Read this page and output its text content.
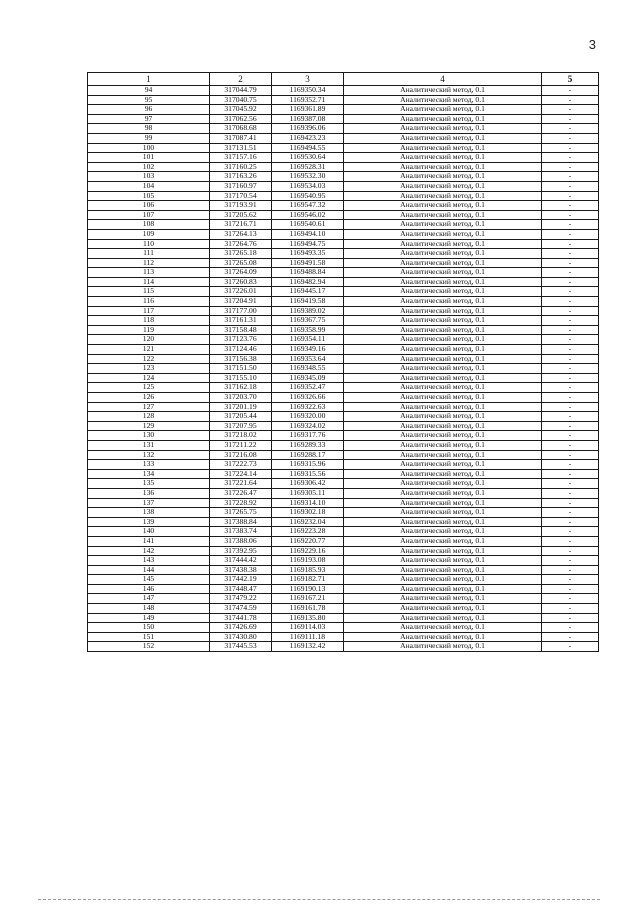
3
1	2	3	4	5
94	317044.79	1169350.34	Аналитический метод, 0.1	-
95	317040.75	1169352.71	Аналитический метод, 0.1	-
96	317045.92	1169361.89	Аналитический метод, 0.1	-
97	317062.56	1169387.08	Аналитический метод, 0.1	-
98	317068.68	1169396.06	Аналитический метод, 0.1	-
99	317087.41	1169423.23	Аналитический метод, 0.1	-
100	317131.51	1169494.55	Аналитический метод, 0.1	-
101	317157.16	1169530.64	Аналитический метод, 0.1	-
102	317160.25	1169528.31	Аналитический метод, 0.1	-
103	317163.26	1169532.30	Аналитический метод, 0.1	-
104	317160.97	1169534.03	Аналитический метод, 0.1	-
105	317170.54	1169540.95	Аналитический метод, 0.1	-
106	317193.91	1169547.32	Аналитический метод, 0.1	-
107	317205.62	1169546.02	Аналитический метод, 0.1	-
108	317216.71	1169540.61	Аналитический метод, 0.1	-
109	317264.13	1169494.10	Аналитический метод, 0.1	-
110	317264.76	1169494.75	Аналитический метод, 0.1	-
111	317265.18	1169493.35	Аналитический метод, 0.1	-
112	317265.08	1169491.58	Аналитический метод, 0.1	-
113	317264.09	1169488.84	Аналитический метод, 0.1	-
114	317260.83	1169482.94	Аналитический метод, 0.1	-
115	317226.01	1169445.17	Аналитический метод, 0.1	-
116	317204.91	1169419.58	Аналитический метод, 0.1	-
117	317177.00	1169389.02	Аналитический метод, 0.1	-
118	317161.31	1169367.75	Аналитический метод, 0.1	-
119	317158.48	1169358.99	Аналитический метод, 0.1	-
120	317123.76	1169354.11	Аналитический метод, 0.1	-
121	317124.46	1169349.16	Аналитический метод, 0.1	-
122	317156.38	1169353.64	Аналитический метод, 0.1	-
123	317151.50	1169348.55	Аналитический метод, 0.1	-
124	317155.10	1169345.09	Аналитический метод, 0.1	-
125	317162.18	1169352.47	Аналитический метод, 0.1	-
126	317203.70	1169326.66	Аналитический метод, 0.1	-
127	317201.19	1169322.63	Аналитический метод, 0.1	-
128	317205.44	1169320.00	Аналитический метод, 0.1	-
129	317207.95	1169324.02	Аналитический метод, 0.1	-
130	317218.02	1169317.76	Аналитический метод, 0.1	-
131	317211.22	1169289.33	Аналитический метод, 0.1	-
132	317216.08	1169288.17	Аналитический метод, 0.1	-
133	317222.73	1169315.96	Аналитический метод, 0.1	-
134	317224.14	1169315.56	Аналитический метод, 0.1	-
135	317221.64	1169306.42	Аналитический метод, 0.1	-
136	317226.47	1169305.11	Аналитический метод, 0.1	-
137	317228.92	1169314.10	Аналитический метод, 0.1	-
138	317265.75	1169302.18	Аналитический метод, 0.1	-
139	317388.84	1169232.04	Аналитический метод, 0.1	-
140	317383.74	1169223.28	Аналитический метод, 0.1	-
141	317388.06	1169220.77	Аналитический метод, 0.1	-
142	317392.95	1169229.16	Аналитический метод, 0.1	-
143	317444.42	1169193.08	Аналитический метод, 0.1	-
144	317438.38	1169185.93	Аналитический метод, 0.1	-
145	317442.19	1169182.71	Аналитический метод, 0.1	-
146	317448.47	1169190.13	Аналитический метод, 0.1	-
147	317479.22	1169167.21	Аналитический метод, 0.1	-
148	317474.59	1169161.78	Аналитический метод, 0.1	-
149	317441.78	1169135.80	Аналитический метод, 0.1	-
150	317426.69	1169114.03	Аналитический метод, 0.1	-
151	317430.80	1169111.18	Аналитический метод, 0.1	-
152	317445.53	1169132.42	Аналитический метод, 0.1	-
